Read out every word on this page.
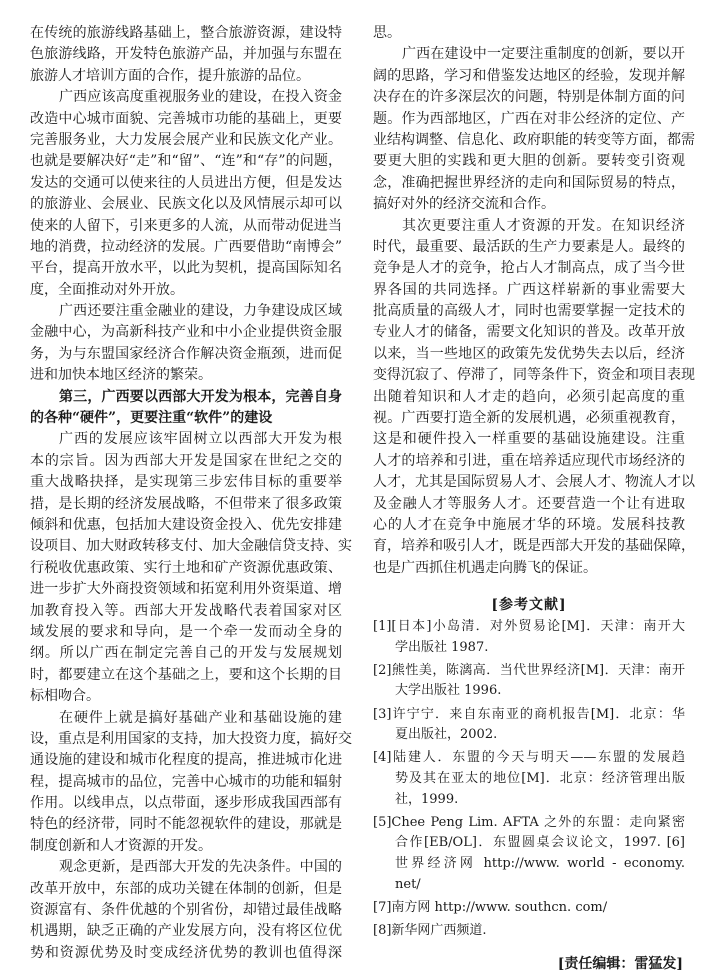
在传统的旅游线路基础上，整合旅游资源，建设特
色旅游线路，开发特色旅游产品，并加强与东盟在
旅游人才培训方面的合作，提升旅游的品位。
广西应该高度重视服务业的建设，在投入资金
改造中心城市面貌、完善城市功能的基础上，更要
完善服务业，大力发展会展产业和民族文化产业。
也就是要解决好“走”和“留”、“连”和“存”的问题，
发达的交通可以使来往的人员进出方便，但是发达
的旅游业、会展业、民族文化以及风情展示却可以
使来的人留下，引来更多的人流，从而带动促进当
地的消费，拉动经济的发展。广西要借助“南博会”
平台，提高开放水平，以此为契机，提高国际知名
度，全面推动对外开放。
广西还要注重金融业的建设，力争建设成区域
金融中心，为高新科技产业和中小企业提供资金服
务，为与东盟国家经济合作解决资金瓶颈，进而促
进和加快本地区经济的繁荣。
第三，广西要以西部大开发为根本，完善自身
的各种“硬件”，更要注重“软件”的建设
广西的发展应该牢固树立以西部大开发为根
本的宗旨。因为西部大开发是国家在世纪之交的
重大战略抉择，是实现第三步宏伟目标的重要举
措，是长期的经济发展战略，不但带来了很多政策
倾斜和优惠，包括加大建设资金投入、优先安排建
设项目、加大财政转移支付、加大金融信贷支持、实
行税收优惠政策、实行土地和矿产资源优惠政策、
进一步扩大外商投资领域和拓宽利用外资渠道、增
加教育投入等。西部大开发战略代表着国家对区
域发展的要求和导向，是一个牵一发而动全身的
纲。所以广西在制定完善自己的开发与发展规划
时，都要建立在这个基础之上，要和这个长期的目
标相吻合。
在硬件上就是搞好基础产业和基础设施的建
设，重点是利用国家的支持，加大投资力度，搞好交
通设施的建设和城市化程度的提高，推进城市化进
程，提高城市的品位，完善中心城市的功能和辐射
作用。以线串点，以点带面，逐步形成我国西部有
特色的经济带，同时不能忽视软件的建设，那就是
制度创新和人才资源的开发。
观念更新，是西部大开发的先决条件。中国的
改革开放中，东部的成功关键在体制的创新，但是
资源富有、条件优越的个别省份，却错过最佳战略
机遇期，缺乏正确的产业发展方向，没有将区位优
势和资源优势及时变成经济优势的教训也值得深
思。
广西在建设中一定要注重制度的创新，要以开
阔的思路，学习和借鉴发达地区的经验，发现并解
决存在的许多深层次的问题，特别是体制方面的问
题。作为西部地区，广西在对非公经济的定位、产
业结构调整、信息化、政府职能的转变等方面，都需
要更大胆的实践和更大胆的创新。要转变引资观
念，准确把握世界经济的走向和国际贸易的特点，
搞好对外的经济交流和合作。
其次更要注重人才资源的开发。在知识经济
时代，最重要、最活跃的生产力要素是人。最终的
竞争是人才的竞争，抢占人才制高点，成了当今世
界各国的共同选择。广西这样崭新的事业需要大
批高质量的高级人才，同时也需要掌握一定技术的
专业人才的储备，需要文化知识的普及。改革开放
以来，当一些地区的政策先发优势失去以后，经济
变得沉寂了、停滞了，同等条件下，资金和项目表现
出随着知识和人才走的趋向，必须引起高度的重
视。广西要打造全新的发展机遇，必须重视教育，
这是和硬件投入一样重要的基础设施建设。注重
人才的培养和引进，重在培养适应现代市场经济的
人才，尤其是国际贸易人才、会展人才、物流人才以
及金融人才等服务人才。还要营造一个让有进取
心的人才在竞争中施展才华的环境。发展科技教
育，培养和吸引人才，既是西部大开发的基础保障，
也是广西抓住机遇走向腾飞的保证。
[参考文献]
[1][日本]小岛清．对外贸易论[M]．天津：南开大
学出版社 1987.
[2]熊性美，陈漓高．当代世界经济[M]．天津：南开
大学出版社 1996.
[3]许宁宁．来自东南亚的商机报告[M]．北京：华
夏出版社，2002.
[4]陆建人．东盟的今天与明天——东盟的发展趋
势及其在亚太的地位[M]．北京：经济管理出版
社，1999.
[5]Chee Peng Lim. AFTA 之外的东盟：走向紧密
合作[EB/OL]．东盟圆桌会议论文，1997. [6]
世界经济网 http://www. world - economy.
net/
[7]南方网 http://www. southcn. com/
[8]新华网广西频道.
[责任编辑：雷猛发]
